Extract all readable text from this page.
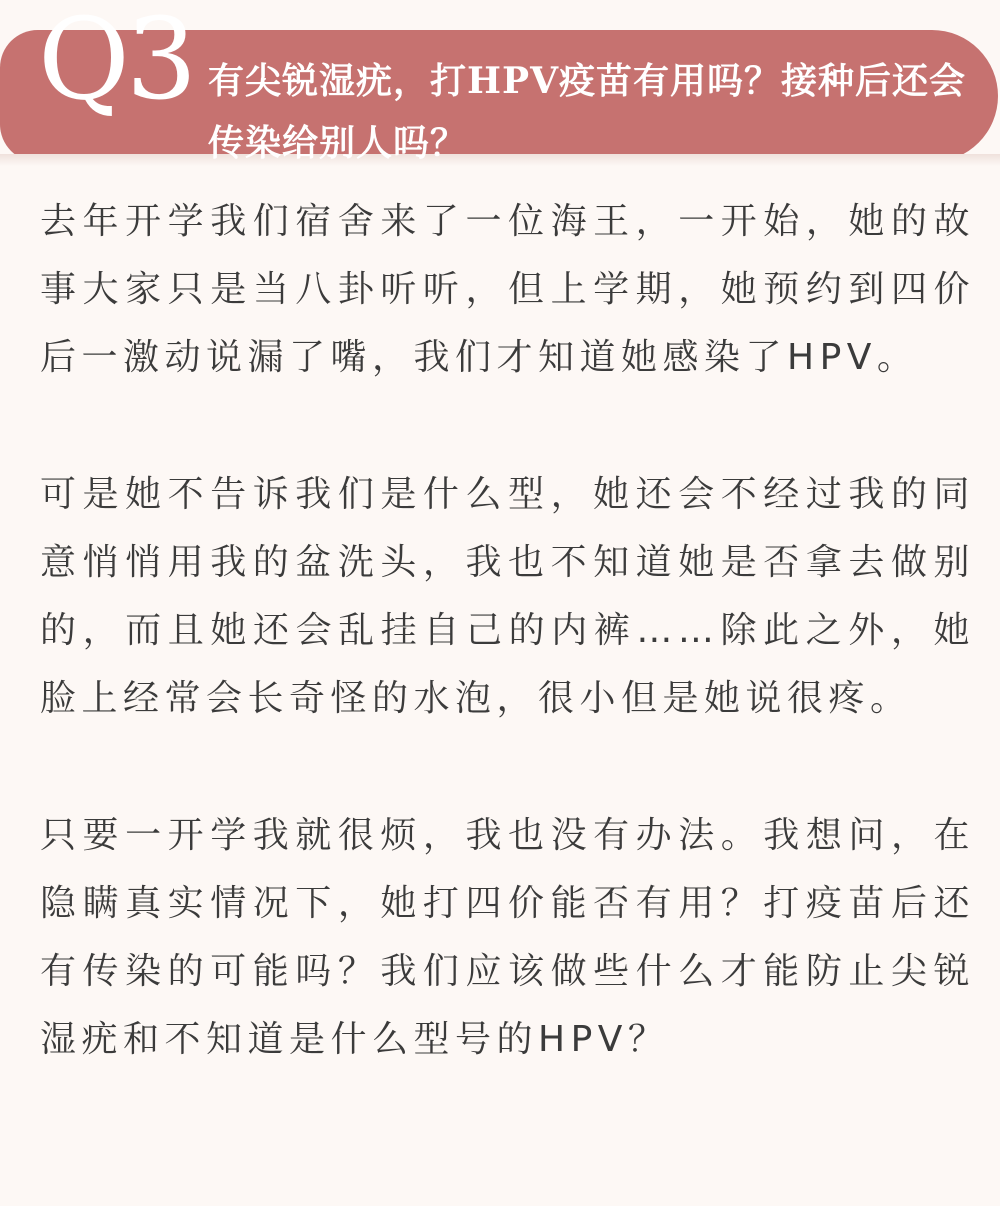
Q3 有尖锐湿疣，打HPV疫苗有用吗？接种后还会传染给别人吗？

去年开学我们宿舍来了一位海王，一开始，她的故事大家只是当八卦听听，但上学期，她预约到四价后一激动说漏了嘴，我们才知道她感染了HPV。

可是她不告诉我们是什么型，她还会不经过我的同意悄悄用我的盆洗头，我也不知道她是否拿去做别的，而且她还会乱挂自己的内裤……除此之外，她脸上经常会长奇怪的水泡，很小但是她说很疼。

只要一开学我就很烦，我也没有办法。我想问，在隐瞒真实情况下，她打四价能否有用？打疫苗后还有传染的可能吗？我们应该做些什么才能防止尖锐湿疣和不知道是什么型号的HPV？
